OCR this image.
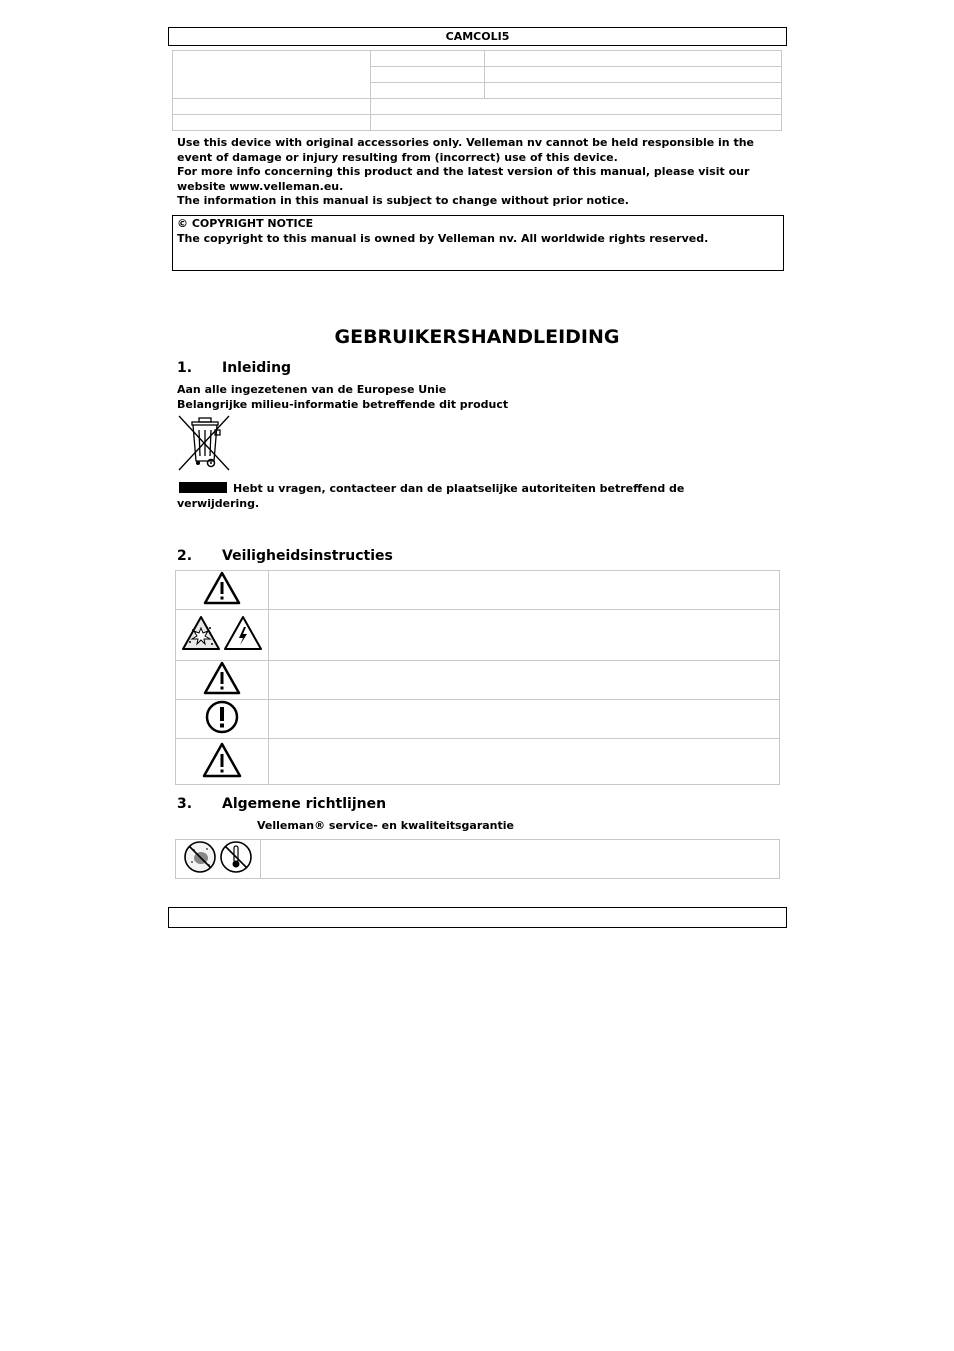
CAMCOLI5

Use this device with original accessories only. Velleman nv cannot be held responsible in the event of damage or injury resulting from (incorrect) use of this device.

For more info concerning this product and the latest version of this manual, please visit our website www.velleman.eu.

The information in this manual is subject to change without prior notice.

© COPYRIGHT NOTICE
The copyright to this manual is owned by Velleman nv. All worldwide rights reserved.
GEBRUIKERSHANDLEIDING
1. Inleiding
Aan alle ingezetenen van de Europese Unie
Belangrijke milieu-informatie betreffende dit product
Hebt u vragen, contacteer dan de plaatselijke autoriteiten betreffend de verwijdering.
2. Veiligheidsinstructies

3. Algemene richtlijnen
Velleman® service- en kwaliteitsgarantie
